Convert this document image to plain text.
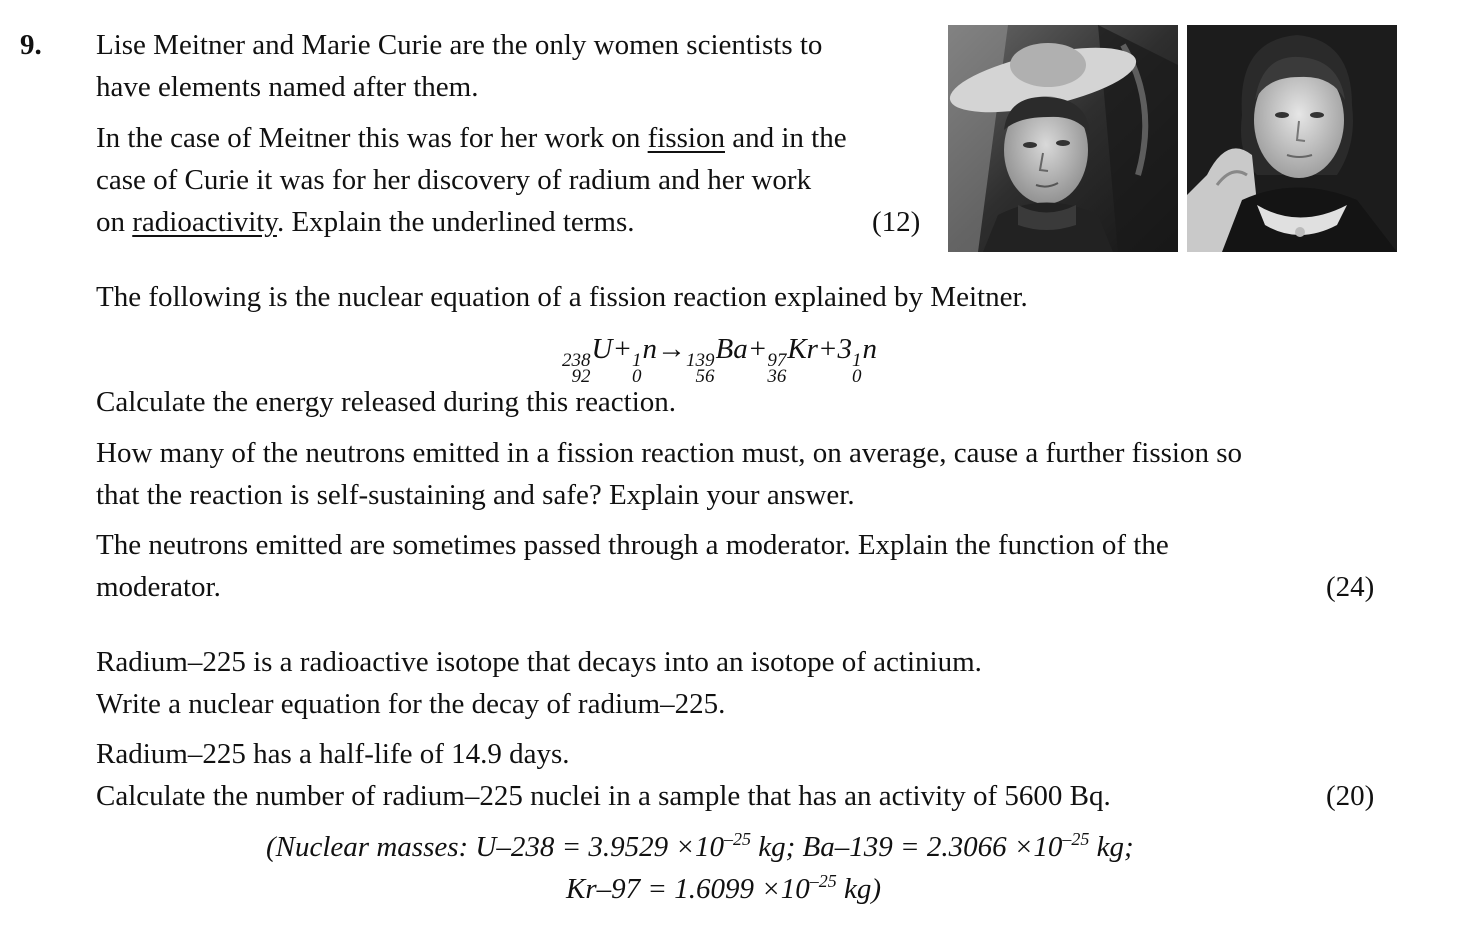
9. Lise Meitner and Marie Curie are the only women scientists to
have elements named after them.
In the case of Meitner this was for her work on fission and in the
case of Curie it was for her discovery of radium and her work
on radioactivity. Explain the underlined terms.	(12)
The following is the nuclear equation of a fission reaction explained by Meitner.
238
92
U+ 1
0
n→ 139
56
Ba+ 97
36
Kr+3 1
0
n
Calculate the energy released during this reaction.
How many of the neutrons emitted in a fission reaction must, on average, cause a further fission so
that the reaction is self-sustaining and safe? Explain your answer.
The neutrons emitted are sometimes passed through a moderator. Explain the function of the
moderator.	(24)
Radium–225 is a radioactive isotope that decays into an isotope of actinium.
Write a nuclear equation for the decay of radium–225.
Radium–225 has a half-life of 14.9 days.
Calculate the number of radium–225 nuclei in a sample that has an activity of 5600 Bq.	(20)
(Nuclear masses: $U-238 = 3.9529 \times 10^{-25}$ kg; $Ba-139 = 2.3066 \times 10^{-25}$ kg;
$Kr-97 = 1.6099 \times 10^{-25}$ kg)
